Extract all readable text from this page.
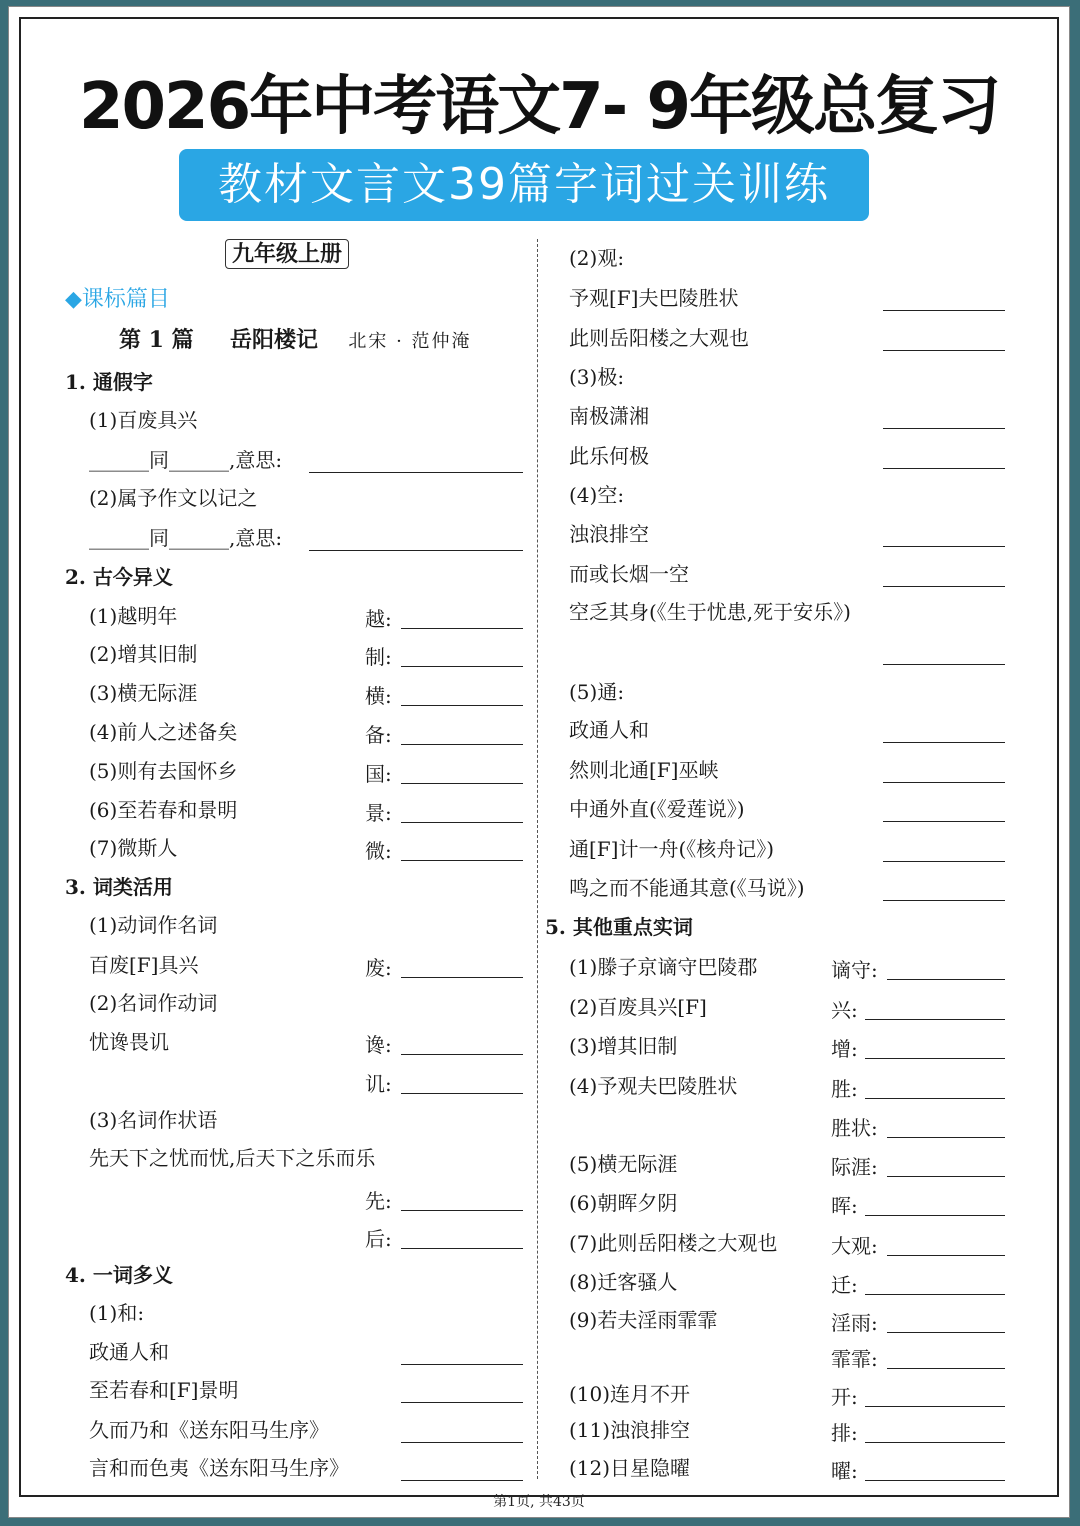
2026年中考语文7- 9年级总复习
教材文言文39篇字词过关训练
九年级上册
◆课标篇目
第 1 篇 岳阳楼记 北宋 · 范仲淹
第1页, 共43页
1. 通假字
(1)百废具兴
______同______,意思:
(2)属予作文以记之
______同______,意思:
2. 古今异义
(1)越明年	越:
(2)增其旧制	制:
(3)横无际涯	横:
(4)前人之述备矣	备:
(5)则有去国怀乡	国:
(6)至若春和景明	景:
(7)微斯人	微:
3. 词类活用
(1)动词作名词
百废[F]具兴	废:
(2)名词作动词
忧谗畏讥	谗:
讥:
(3)名词作状语
先天下之忧而忧,后天下之乐而乐
先:
后:
4. 一词多义
(1)和:
政通人和
至若春和[F]景明
久而乃和《送东阳马生序》
言和而色夷《送东阳马生序》
(2)观:
予观[F]夫巴陵胜状
此则岳阳楼之大观也
(3)极:
南极潇湘
此乐何极
(4)空:
浊浪排空
而或长烟一空
空乏其身(《生于忧患,死于安乐》)
(5)通:
政通人和
然则北通[F]巫峡
中通外直(《爱莲说》)
通[F]计一舟(《核舟记》)
鸣之而不能通其意(《马说》)
5. 其他重点实词
(1)滕子京谪守巴陵郡	谪守:
(2)百废具兴[F]	兴:
(3)增其旧制	增:
(4)予观夫巴陵胜状	胜:
胜状:
(5)横无际涯	际涯:
(6)朝晖夕阴	晖:
(7)此则岳阳楼之大观也	大观:
(8)迁客骚人	迁:
(9)若夫淫雨霏霏	淫雨:
霏霏:
(10)连月不开	开:
(11)浊浪排空	排:
(12)日星隐曜	曜:
